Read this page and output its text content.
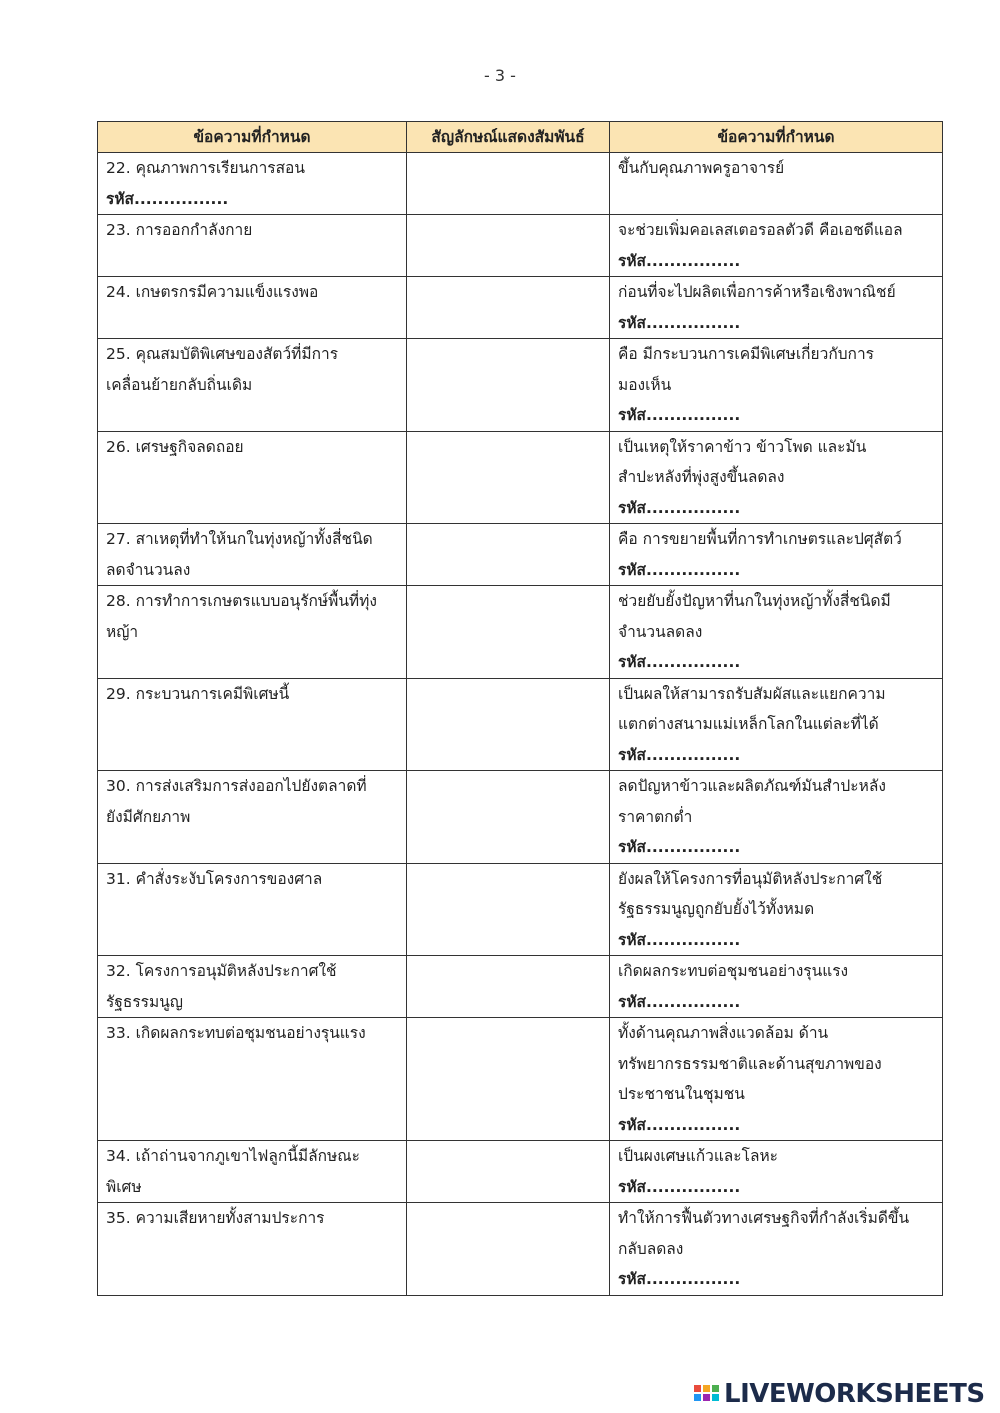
- 3 -
ข้อความที่กำหนด	สัญลักษณ์แสดงสัมพันธ์	ข้อความที่กำหนด

22. คุณภาพการเรียนการสอน
รหัส................		ขึ้นกับคุณภาพครูอาจารย์

23. การออกกำลังกาย		จะช่วยเพิ่มคอเลสเตอรอลตัวดี คือเอชดีแอล
รหัส................

24. เกษตรกรมีความแข็งแรงพอ		ก่อนที่จะไปผลิตเพื่อการค้าหรือเชิงพาณิชย์
รหัส................

25. คุณสมบัติพิเศษของสัตว์ที่มีการ
เคลื่อนย้ายกลับถิ่นเดิม		คือ มีกระบวนการเคมีพิเศษเกี่ยวกับการ
มองเห็น
รหัส................

26. เศรษฐกิจลดถอย		เป็นเหตุให้ราคาข้าว ข้าวโพด และมัน
สำปะหลังที่พุ่งสูงขึ้นลดลง
รหัส................

27. สาเหตุที่ทำให้นกในทุ่งหญ้าทั้งสี่ชนิด
ลดจำนวนลง		คือ การขยายพื้นที่การทำเกษตรและปศุสัตว์
รหัส................

28. การทำการเกษตรแบบอนุรักษ์พื้นที่ทุ่ง
หญ้า		ช่วยยับยั้งปัญหาที่นกในทุ่งหญ้าทั้งสี่ชนิดมี
จำนวนลดลง
รหัส................

29. กระบวนการเคมีพิเศษนี้		เป็นผลให้สามารถรับสัมผัสและแยกความ
แตกต่างสนามแม่เหล็กโลกในแต่ละที่ได้
รหัส................

30. การส่งเสริมการส่งออกไปยังตลาดที่
ยังมีศักยภาพ		ลดปัญหาข้าวและผลิตภัณฑ์มันสำปะหลัง
ราคาตกต่ำ
รหัส................

31. คำสั่งระงับโครงการของศาล		ยังผลให้โครงการที่อนุมัติหลังประกาศใช้
รัฐธรรมนูญถูกยับยั้งไว้ทั้งหมด
รหัส................

32. โครงการอนุมัติหลังประกาศใช้
รัฐธรรมนูญ		เกิดผลกระทบต่อชุมชนอย่างรุนแรง
รหัส................

33. เกิดผลกระทบต่อชุมชนอย่างรุนแรง		ทั้งด้านคุณภาพสิ่งแวดล้อม ด้าน
ทรัพยากรธรรมชาติและด้านสุขภาพของ
ประชาชนในชุมชน
รหัส................

34. เถ้าถ่านจากภูเขาไฟลูกนี้มีลักษณะ
พิเศษ		เป็นผงเศษแก้วและโลหะ
รหัส................

35. ความเสียหายทั้งสามประการ		ทำให้การฟื้นตัวทางเศรษฐกิจที่กำลังเริ่มดีขึ้น
กลับลดลง
รหัส................
LIVEWORKSHEETS
